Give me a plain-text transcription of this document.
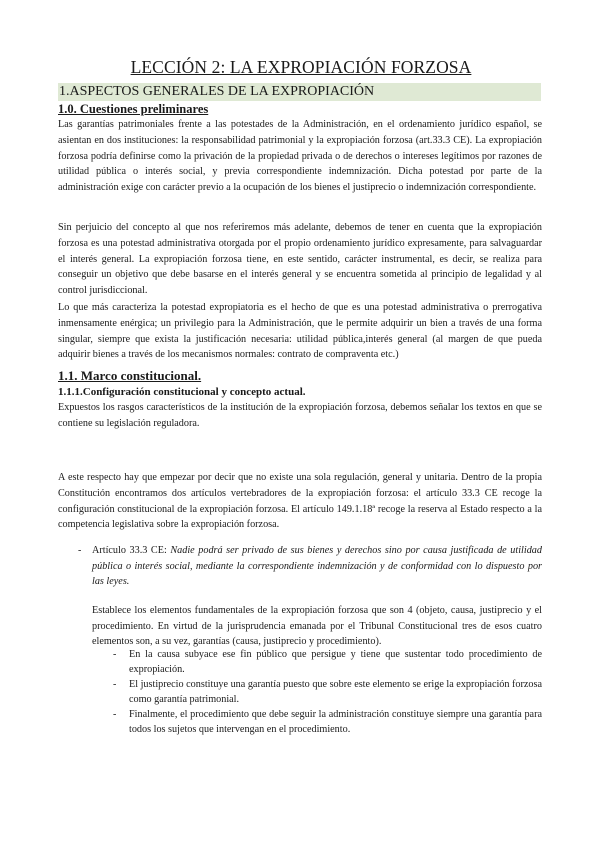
LECCIÓN 2: LA EXPROPIACIÓN FORZOSA
1.ASPECTOS GENERALES DE LA EXPROPIACIÓN
1.0. Cuestiones preliminares

Las garantías patrimoniales frente a las potestades de la Administración, en el ordenamiento jurídico español, se asientan en dos instituciones: la responsabilidad patrimonial y la expropiación forzosa (art.33.3 CE). La expropiación forzosa podría definirse como la privación de la propiedad privada o de derechos o intereses legítimos por razones de utilidad pública o interés social, y previa correspondiente indemnización. Dicha potestad por parte de la administración exige con carácter previo a la ocupación de los bienes el justiprecio o indemnización correspondiente.

Sin perjuicio del concepto al que nos referiremos más adelante, debemos de tener en cuenta que la expropiación forzosa es una potestad administrativa otorgada por el propio ordenamiento jurídico expresamente, para salvaguardar el interés general. La expropiación forzosa tiene, en este sentido, carácter instrumental, es decir, se realiza para conseguir un objetivo que debe basarse en el interés general y se encuentra sometida al principio de legalidad y al control jurisdiccional.

Lo que más caracteriza la potestad expropiatoria es el hecho de que es una potestad administrativa o prerrogativa inmensamente enérgica; un privilegio para la Administración, que le permite adquirir un bien a través de una forma singular, siempre que exista la justificación necesaria: utilidad pública,interés general (al margen de que pueda adquirir bienes a través de los mecanismos normales: contrato de compraventa etc.)

1.1. Marco constitucional.
1.1.1.Configuración constitucional y concepto actual.

Expuestos los rasgos característicos de la institución de la expropiación forzosa, debemos señalar los textos en que se contiene su legislación reguladora.

A este respecto hay que empezar por decir que no existe una sola regulación, general y unitaria. Dentro de la propia Constitución encontramos dos artículos vertebradores de la expropiación forzosa: el artículo 33.3 CE recoge la configuración constitucional de la expropiación forzosa. El artículo 149.1.18ª recoge la reserva al Estado respecto a la competencia legislativa sobre la expropiación forzosa.

- Artículo 33.3 CE: Nadie podrá ser privado de sus bienes y derechos sino por causa justificada de utilidad pública o interés social, mediante la correspondiente indemnización y de conformidad con lo dispuesto por las leyes.

Establece los elementos fundamentales de la expropiación forzosa que son 4 (objeto, causa, justiprecio y el procedimiento. En virtud de la jurisprudencia emanada por el Tribunal Constitucional tres de esos cuatro elementos son, a su vez, garantías (causa, justiprecio y procedimiento).

- En la causa subyace ese fin público que persigue y tiene que sustentar todo procedimiento de expropiación.

- El justiprecio constituye una garantía puesto que sobre este elemento se erige la expropiación forzosa como garantía patrimonial.

- Finalmente, el procedimiento que debe seguir la administración constituye siempre una garantía para todos los sujetos que intervengan en el procedimiento.
